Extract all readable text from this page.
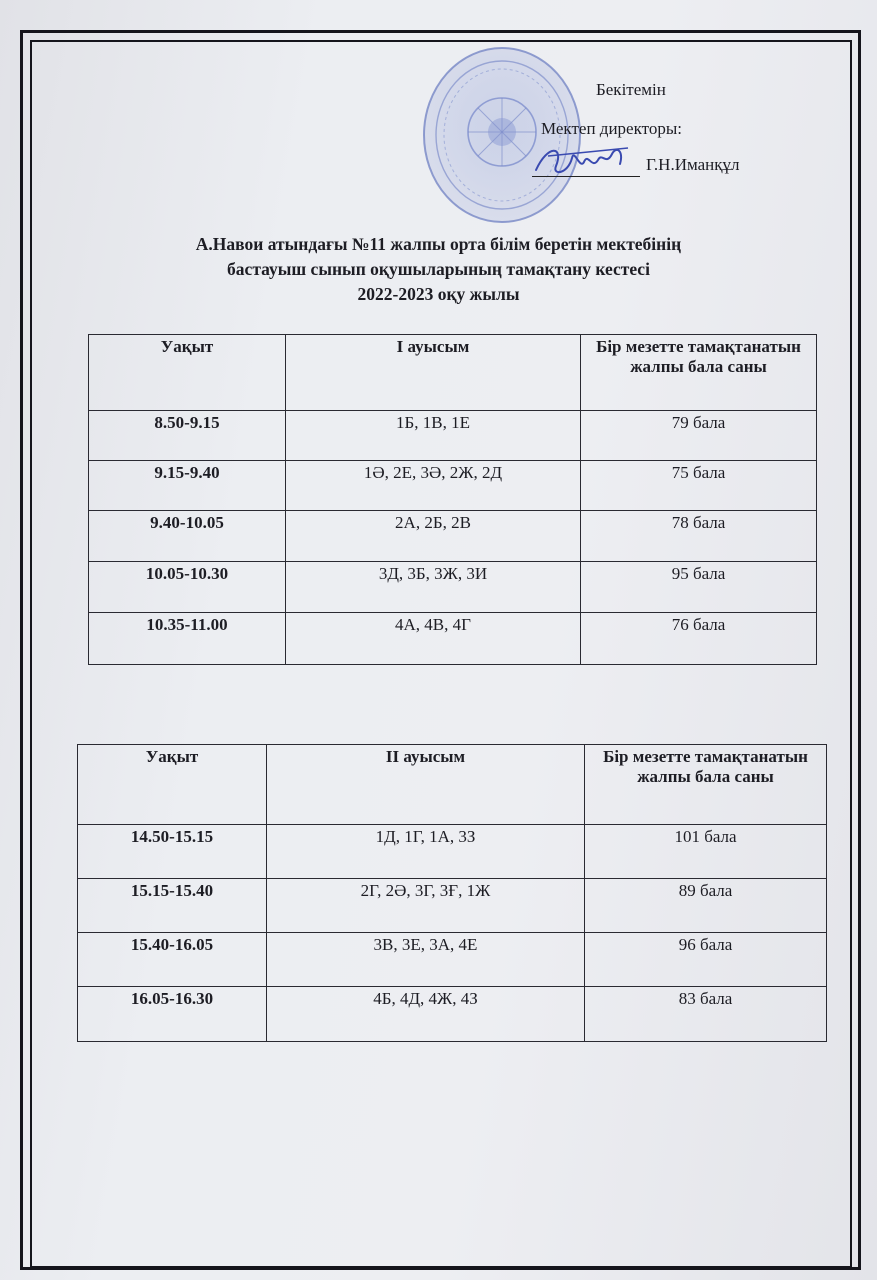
Бекітемін
Мектеп директоры:
Г.Н.Иманқұл
А.Навои атындағы №11 жалпы орта білім беретін мектебінің
бастауыш сынып оқушыларының тамақтану кестесі
2022-2023 оқу жылы
Уақыт	I ауысым	Бір мезетте тамақтанатын жалпы бала саны
8.50-9.15	1Б, 1В, 1Е	79 бала
9.15-9.40	1Ә, 2Е, 3Ә, 2Ж, 2Д	75 бала
9.40-10.05	2А, 2Б, 2В	78 бала
10.05-10.30	3Д, 3Б, 3Ж, 3И	95 бала
10.35-11.00	4А, 4В, 4Г	76 бала
Уақыт	II ауысым	Бір мезетте тамақтанатын жалпы бала саны
14.50-15.15	1Д, 1Г, 1А, 3З	101 бала
15.15-15.40	2Г, 2Ә, 3Г, 3Ғ, 1Ж	89 бала
15.40-16.05	3В, 3Е, 3А, 4Е	96 бала
16.05-16.30	4Б, 4Д, 4Ж, 4З	83 бала
